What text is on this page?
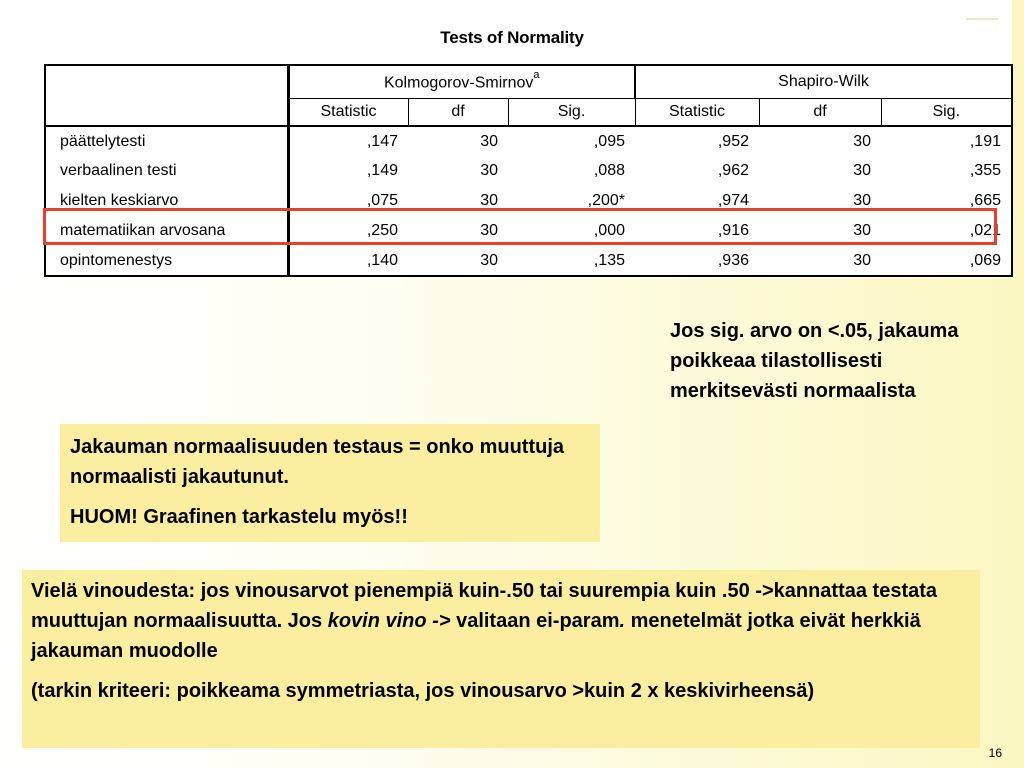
Tests of Normality
	Kolmogorov-Smirnov$^a$			Shapiro-Wilk		
	Statistic	df	Sig.	Statistic	df	Sig.
päättelytesti	,147	30	,095	,952	30	,191
verbaalinen testi	,149	30	,088	,962	30	,355
kielten keskiarvo	,075	30	,200*	,974	30	,665
matematiikan arvosana	,250	30	,000	,916	30	,021
opintomenestys	,140	30	,135	,936	30	,069
Jos sig. arvo on <.05, jakauma poikkeaa tilastollisesti merkitsevästi normaalista

Jakauman normaalisuuden testaus = onko muuttuja normaalisti jakautunut.

HUOM! Graafinen tarkastelu myös!!

Vielä vinoudesta: jos vinousarvot pienempiä kuin-.50 tai suurempia kuin .50 ->kannattaa testata muuttujan normaalisuutta. Jos kovin vino -> valitaan ei-param. menetelmät jotka eivät herkkiä jakauman muodolle

(tarkin kriteeri: poikkeama symmetriasta, jos vinousarvo >kuin 2 x keskivirheensä)

16
